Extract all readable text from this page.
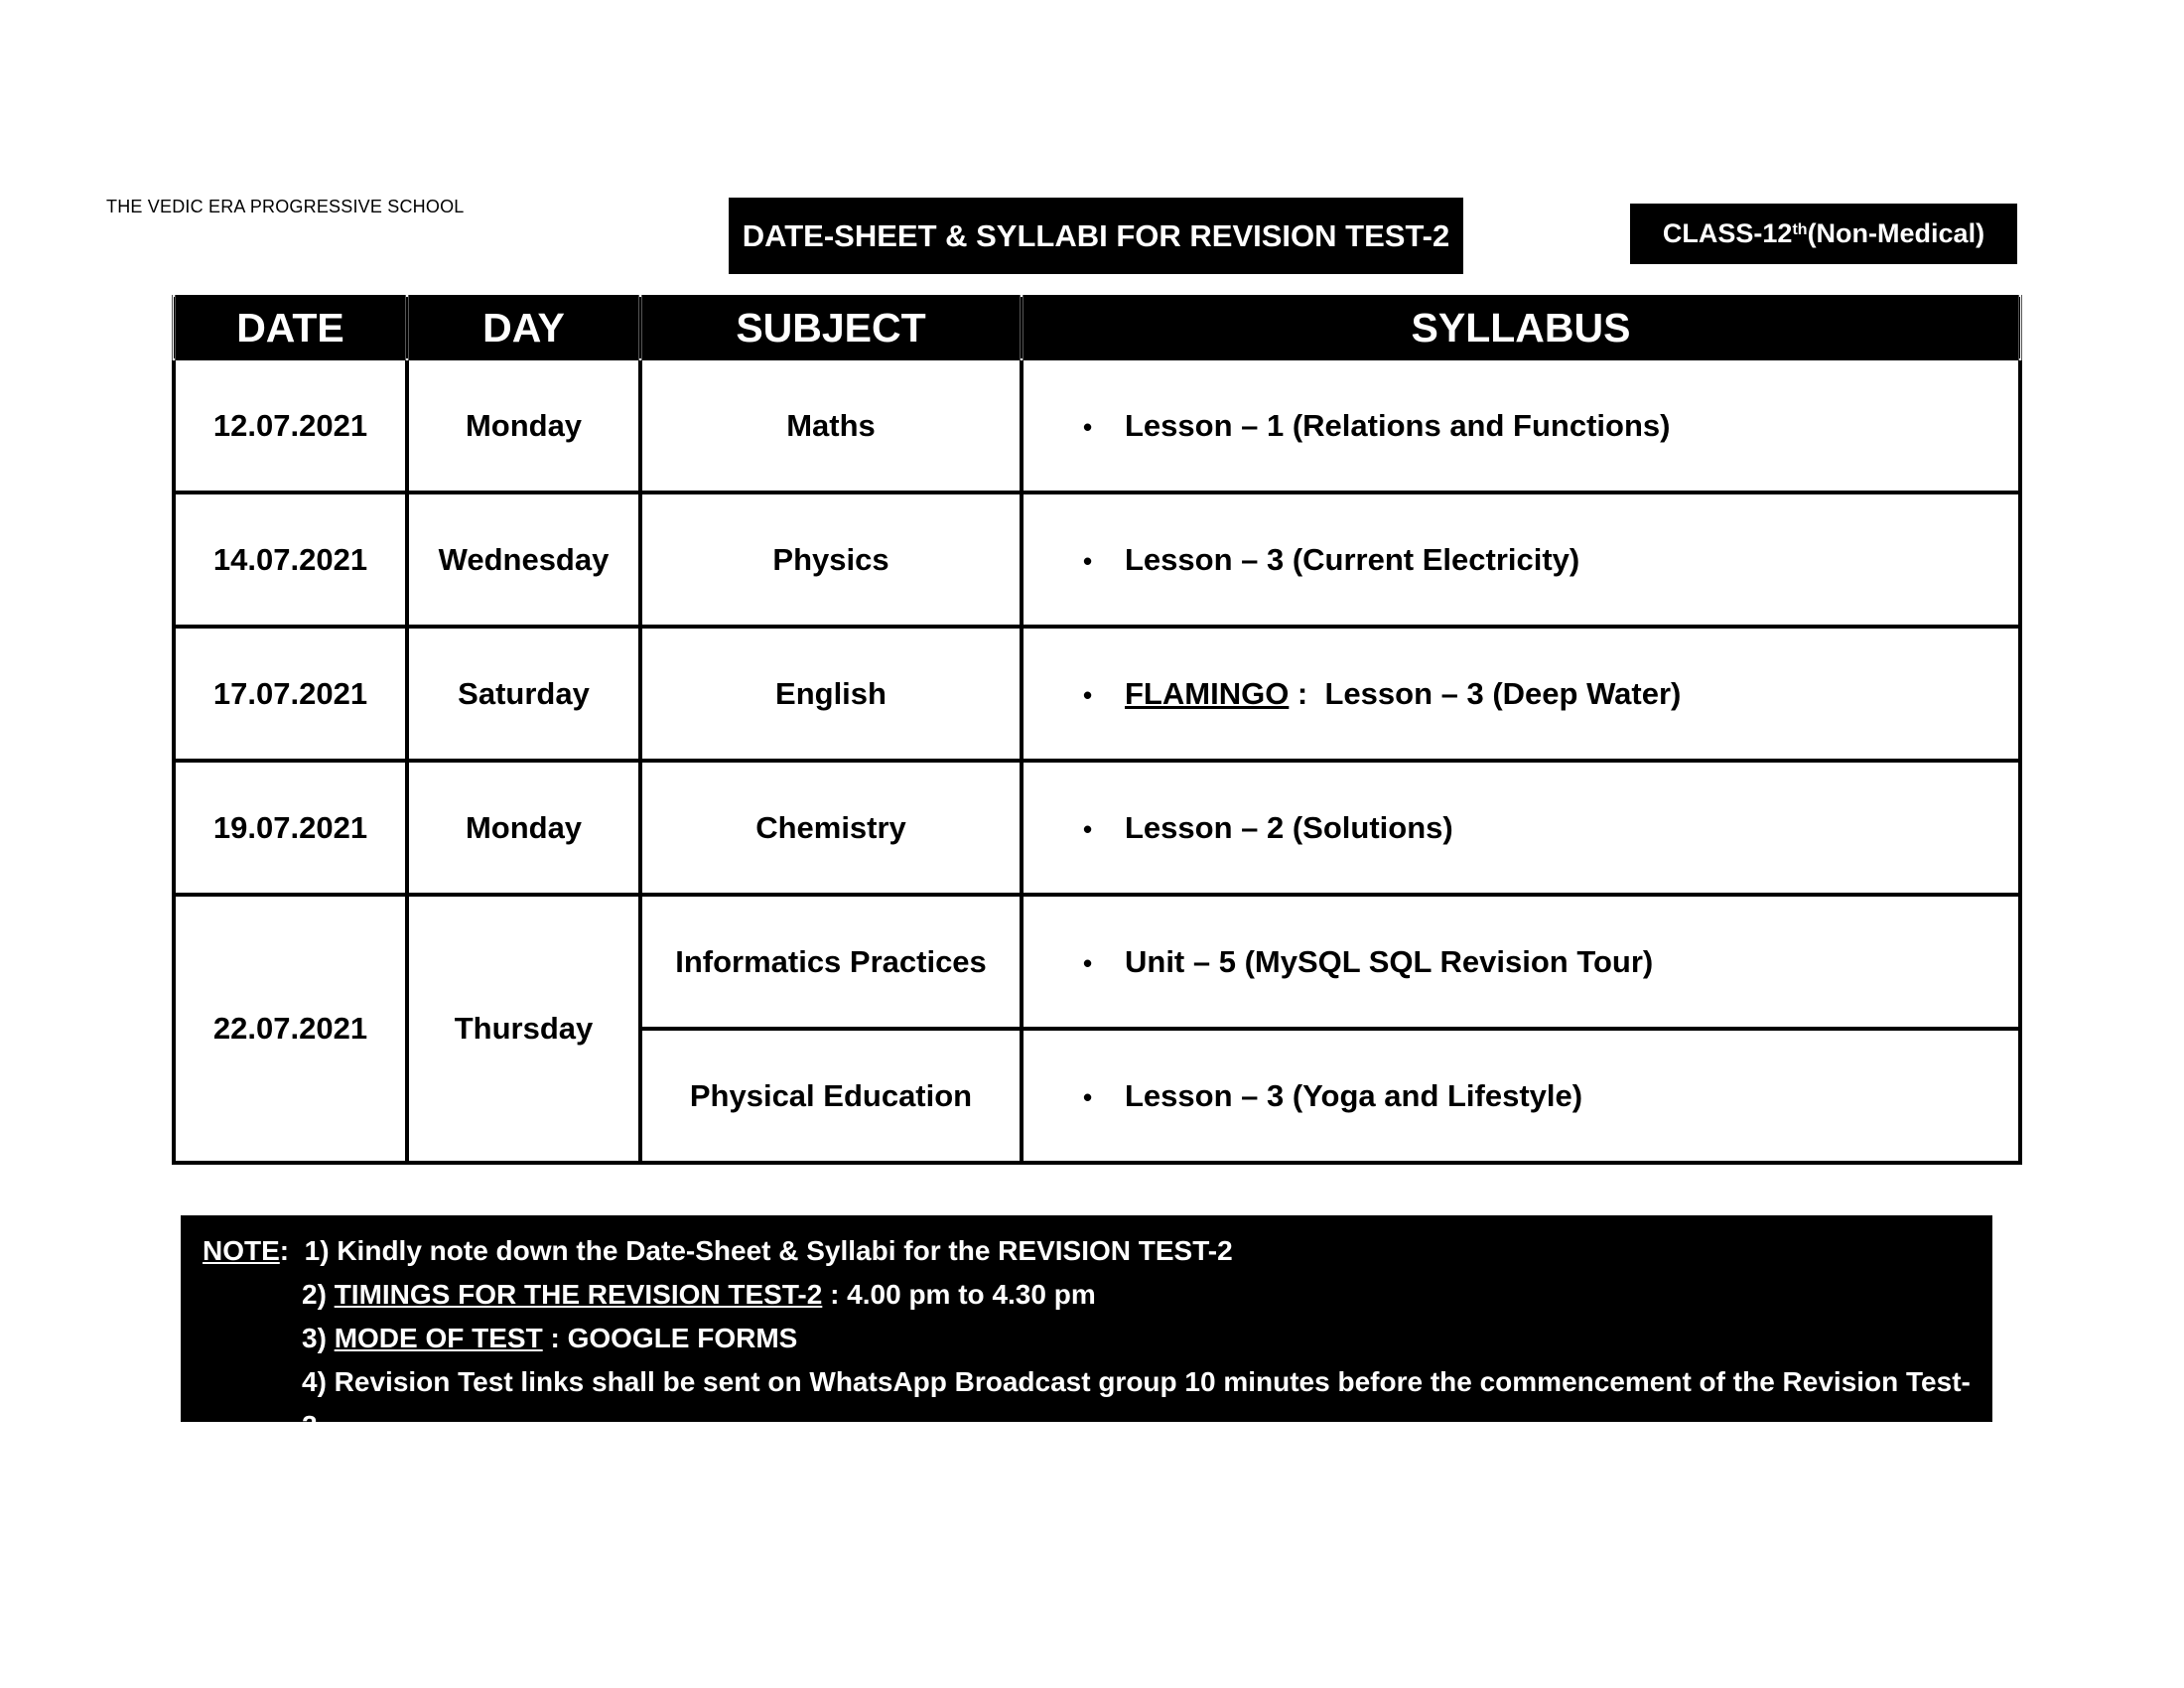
THE VEDIC ERA PROGRESSIVE SCHOOL
DATE-SHEET & SYLLABI FOR REVISION TEST-2	CLASS-12th (Non-Medical)
DATE	DAY	SUBJECT	SYLLABUS
12.07.2021	Monday	Maths	• Lesson – 1 (Relations and Functions)
14.07.2021	Wednesday	Physics	• Lesson – 3 (Current Electricity)
17.07.2021	Saturday	English	• FLAMINGO :  Lesson – 3 (Deep Water)
19.07.2021	Monday	Chemistry	• Lesson – 2 (Solutions)
22.07.2021	Thursday	Informatics Practices	• Unit – 5 (MySQL SQL Revision Tour)
		Physical Education	• Lesson – 3 (Yoga and Lifestyle)
NOTE:  1) Kindly note down the Date-Sheet & Syllabi for the REVISION TEST-2
2) TIMINGS FOR THE REVISION TEST-2 : 4.00 pm to 4.30 pm
3) MODE OF TEST : GOOGLE FORMS
4) Revision Test links shall be sent on WhatsApp Broadcast group 10 minutes before the commencement of the Revision Test-2.
